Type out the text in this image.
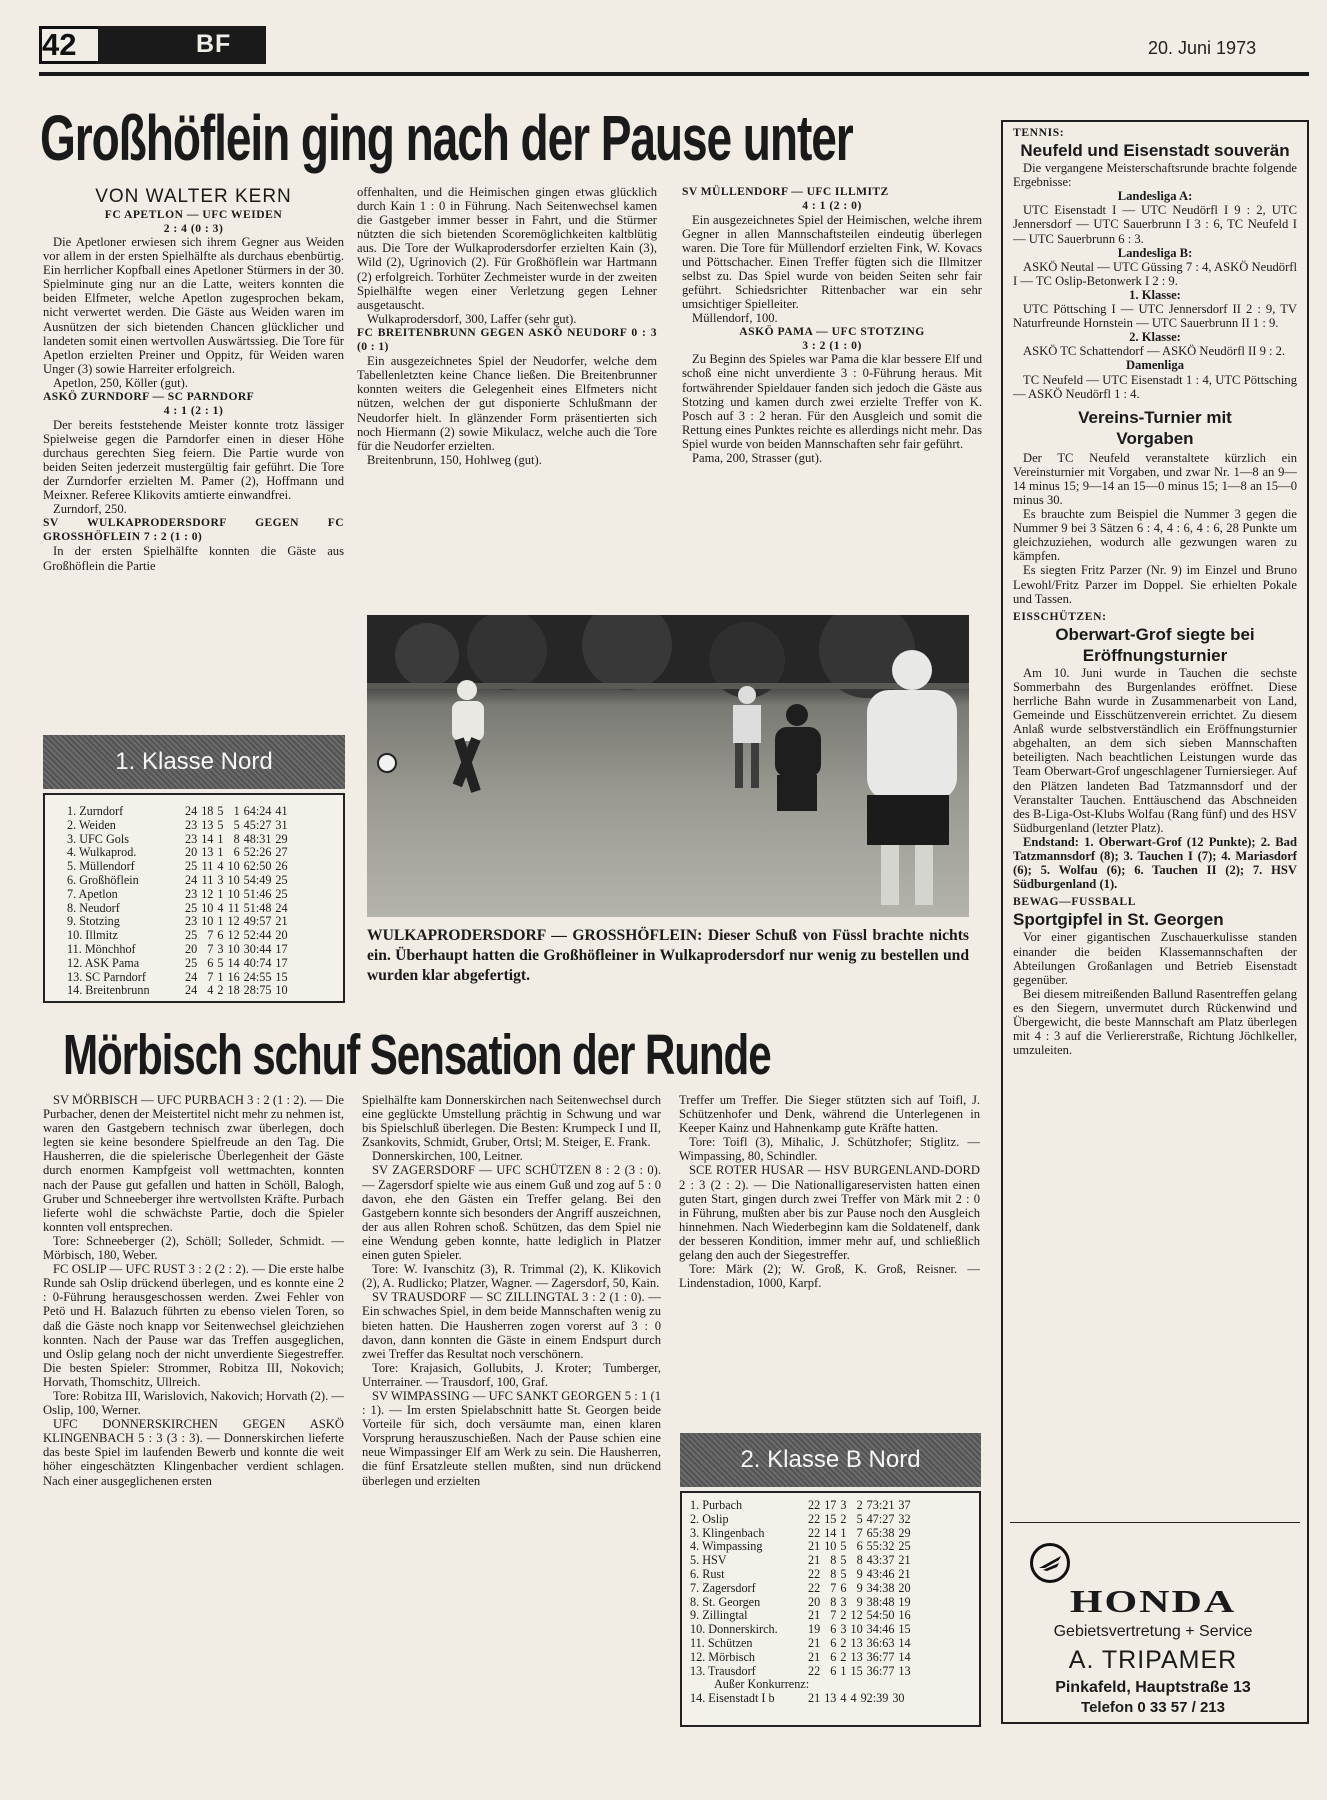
42	BF	20. Juni 1973
Großhöflein ging nach der Pause unter
VON WALTER KERN
FC APETLON — UFC WEIDEN
2 : 4 (0 : 3)

Die Apetloner erwiesen sich ihrem Gegner aus Weiden vor allem in der ersten Spielhälfte als durchaus ebenbürtig. Ein herrlicher Kopfball eines Apetloner Stürmers in der 30. Spielminute ging nur an die Latte, weiters konnten die beiden Elfmeter, welche Apetlon zugesprochen bekam, nicht verwertet werden. Die Gäste aus Weiden waren im Ausnützen der sich bietenden Chancen glücklicher und landeten somit einen wertvollen Auswärtssieg. Die Tore für Apetlon erzielten Preiner und Oppitz, für Weiden waren Unger (3) sowie Harreiter erfolgreich.

Apetlon, 250, Köller (gut).

ASKÖ ZURNDORF — SC PARNDORF
4 : 1 (2 : 1)

Der bereits feststehende Meister konnte trotz lässiger Spielweise gegen die Parndorfer einen in dieser Höhe durchaus gerechten Sieg feiern. Die Partie wurde von beiden Seiten jederzeit mustergültig fair geführt. Die Tore der Zurndorfer erzielten M. Pamer (2), Hoffmann und Meixner. Referee Klikovits amtierte einwandfrei.

Zurndorf, 250.

SV WULKAPRODERSDORF GEGEN FC GROSSHÖFLEIN 7 : 2 (1 : 0)

In der ersten Spielhälfte konnten die Gäste aus Großhöflein die Partie

offenhalten, und die Heimischen gingen etwas glücklich durch Kain 1 : 0 in Führung. Nach Seitenwechsel kamen die Gastgeber immer besser in Fahrt, und die Stürmer nützten die sich bietenden Scoremöglichkeiten kaltblütig aus. Die Tore der Wulkaprodersdorfer erzielten Kain (3), Wild (2), Ugrinovich (2). Für Großhöflein war Hartmann (2) erfolgreich. Torhüter Zechmeister wurde in der zweiten Spielhälfte wegen einer Verletzung gegen Lehner ausgetauscht.

Wulkaprodersdorf, 300, Laffer (sehr gut).

FC BREITENBRUNN GEGEN ASKÖ NEUDORF 0 : 3 (0 : 1)

Ein ausgezeichnetes Spiel der Neudorfer, welche dem Tabellenletzten keine Chance ließen. Die Breitenbrunner konnten weiters die Gelegenheit eines Elfmeters nicht nützen, welchen der gut disponierte Schlußmann der Neudorfer hielt. In glänzender Form präsentierten sich noch Hiermann (2) sowie Mikulacz, welche auch die Tore für die Neudorfer erzielten.

Breitenbrunn, 150, Hohlweg (gut).

SV MÜLLENDORF — UFC ILLMITZ
4 : 1 (2 : 0)

Ein ausgezeichnetes Spiel der Heimischen, welche ihrem Gegner in allen Mannschaftsteilen eindeutig überlegen waren. Die Tore für Müllendorf erzielten Fink, W. Kovacs und Pöttschacher. Einen Treffer fügten sich die Illmitzer selbst zu. Das Spiel wurde von beiden Seiten sehr fair geführt. Schiedsrichter Rittenbacher war ein sehr umsichtiger Spielleiter.

Müllendorf, 100.

ASKÖ PAMA — UFC STOTZING
3 : 2 (1 : 0)

Zu Beginn des Spieles war Pama die klar bessere Elf und schoß eine nicht unverdiente 3 : 0-Führung heraus. Mit fortwährender Spieldauer fanden sich jedoch die Gäste aus Stotzing und kamen durch zwei erzielte Treffer von K. Posch auf 3 : 2 heran. Für den Ausgleich und somit die Rettung eines Punktes reichte es allerdings nicht mehr. Das Spiel wurde von beiden Mannschaften sehr fair geführt.

Pama, 200, Strasser (gut).

WULKAPRODERSDORF — GROSSHÖFLEIN: Dieser Schuß von Füssl brachte nichts ein. Überhaupt hatten die Großhöfleiner in Wulkaprodersdorf nur wenig zu bestellen und wurden klar abgefertigt.
1. Klasse Nord
1. Zurndorf	24	18	5	1	64:24	41
2. Weiden	23	13	5	5	45:27	31
3. UFC Gols	23	14	1	8	48:31	29
4. Wulkaprod.	20	13	1	6	52:26	27
5. Müllendorf	25	11	4	10	62:50	26
6. Großhöflein	24	11	3	10	54:49	25
7. Apetlon	23	12	1	10	51:46	25
8. Neudorf	25	10	4	11	51:48	24
9. Stotzing	23	10	1	12	49:57	21
10. Illmitz	25	7	6	12	52:44	20
11. Mönchhof	20	7	3	10	30:44	17
12. ASK Pama	25	6	5	14	40:74	17
13. SC Parndorf	24	7	1	16	24:55	15
14. Breitenbrunn	24	4	2	18	28:75	10
Mörbisch schuf Sensation der Runde

SV MÖRBISCH — UFC PURBACH 3 : 2 (1 : 2). — Die Purbacher, denen der Meistertitel nicht mehr zu nehmen ist, waren den Gastgebern technisch zwar überlegen, doch legten sie keine besondere Spielfreude an den Tag. Die Hausherren, die die spielerische Überlegenheit der Gäste durch enormen Kampfgeist voll wettmachten, konnten nach der Pause gut gefallen und hatten in Schöll, Balogh, Gruber und Schneeberger ihre wertvollsten Kräfte. Purbach lieferte wohl die schwächste Partie, doch die Spieler konnten voll entsprechen.

Tore: Schneeberger (2), Schöll; Solleder, Schmidt. — Mörbisch, 180, Weber.

FC OSLIP — UFC RUST 3 : 2 (2 : 2). — Die erste halbe Runde sah Oslip drückend überlegen, und es konnte eine 2 : 0-Führung herausgeschossen werden. Zwei Fehler von Petö und H. Balazuch führten zu ebenso vielen Toren, so daß die Gäste noch knapp vor Seitenwechsel gleichziehen konnten. Nach der Pause war das Treffen ausgeglichen, und Oslip gelang noch der nicht unverdiente Siegestreffer. Die besten Spieler: Strommer, Robitza III, Nokovich; Horvath, Thomschitz, Ullreich.

Tore: Robitza III, Warislovich, Nakovich; Horvath (2). — Oslip, 100, Werner.

UFC DONNERSKIRCHEN GEGEN ASKÖ KLINGENBACH 5 : 3 (3 : 3). — Donnerskirchen lieferte das beste Spiel im laufenden Bewerb und konnte die weit höher eingeschätzten Klingenbacher verdient schlagen. Nach einer ausgeglichenen ersten

Spielhälfte kam Donnerskirchen nach Seitenwechsel durch eine geglückte Umstellung prächtig in Schwung und war bis Spielschluß überlegen. Die Besten: Krumpeck I und II, Zsankovits, Schmidt, Gruber, Ortsl; M. Steiger, E. Frank.

Donnerskirchen, 100, Leitner.

SV ZAGERSDORF — UFC SCHÜTZEN 8 : 2 (3 : 0). — Zagersdorf spielte wie aus einem Guß und zog auf 5 : 0 davon, ehe den Gästen ein Treffer gelang. Bei den Gastgebern konnte sich besonders der Angriff auszeichnen, der aus allen Rohren schoß. Schützen, das dem Spiel nie eine Wendung geben konnte, hatte lediglich in Platzer einen guten Spieler.

Tore: W. Ivanschitz (3), R. Trimmal (2), K. Klikovich (2), A. Rudlicko; Platzer, Wagner. — Zagersdorf, 50, Kain.

SV TRAUSDORF — SC ZILLINGTAL 3 : 2 (1 : 0). — Ein schwaches Spiel, in dem beide Mannschaften wenig zu bieten hatten. Die Hausherren zogen vorerst auf 3 : 0 davon, dann konnten die Gäste in einem Endspurt durch zwei Treffer das Resultat noch verschönern.

Tore: Krajasich, Gollubits, J. Kroter; Tumberger, Unterrainer. — Trausdorf, 100, Graf.

SV WIMPASSING — UFC SANKT GEORGEN 5 : 1 (1 : 1). — Im ersten Spielabschnitt hatte St. Georgen beide Vorteile für sich, doch versäumte man, einen klaren Vorsprung herauszuschießen. Nach der Pause schien eine neue Wimpassinger Elf am Werk zu sein. Die Hausherren, die fünf Ersatzleute stellen mußten, sind nun drückend überlegen und erzielten

Treffer um Treffer. Die Sieger stützten sich auf Toifl, J. Schützenhofer und Denk, während die Unterlegenen in Keeper Kainz und Hahnenkamp gute Kräfte hatten.

Tore: Toifl (3), Mihalic, J. Schützhofer; Stiglitz. — Wimpassing, 80, Schindler.

SCE ROTER HUSAR — HSV BURGENLAND-DORD 2 : 3 (2 : 2). — Die Nationalligareservisten hatten einen guten Start, gingen durch zwei Treffer von Märk mit 2 : 0 in Führung, mußten aber bis zur Pause noch den Ausgleich hinnehmen. Nach Wiederbeginn kam die Soldatenelf, dank der besseren Kondition, immer mehr auf, und schließlich gelang den auch der Siegestreffer.

Tore: Märk (2); W. Groß, K. Groß, Reisner. — Lindenstadion, 1000, Karpf.

2. Klasse B Nord
1. Purbach	22	17	3	2	73:21	37
2. Oslip	22	15	2	5	47:27	32
3. Klingenbach	22	14	1	7	65:38	29
4. Wimpassing	21	10	5	6	55:32	25
5. HSV	21	8	5	8	43:37	21
6. Rust	22	8	5	9	43:46	21
7. Zagersdorf	22	7	6	9	34:38	20
8. St. Georgen	20	8	3	9	38:48	19
9. Zillingtal	21	7	2	12	54:50	16
10. Donnerskirch.	19	6	3	10	34:46	15
11. Schützen	21	6	2	13	36:63	14
12. Mörbisch	21	6	2	13	36:77	14
13. Trausdorf	22	6	1	15	36:77	13
Außer Konkurrenz:
14. Eisenstadt I b	21	13	4	4	92:39	30
TENNIS:
Neufeld und Eisenstadt souverän

Die vergangene Meisterschaftsrunde brachte folgende Ergebnisse:

Landesliga A:

UTC Eisenstadt I — UTC Neudörfl I 9 : 2, UTC Jennersdorf — UTC Sauerbrunn I 3 : 6, TC Neufeld I — UTC Sauerbrunn 6 : 3.

Landesliga B:

ASKÖ Neutal — UTC Güssing 7 : 4, ASKÖ Neudörfl I — TC Oslip-Betonwerk I 2 : 9.

1. Klasse:

UTC Pöttsching I — UTC Jennersdorf II 2 : 9, TV Naturfreunde Hornstein — UTC Sauerbrunn II 1 : 9.

2. Klasse:

ASKÖ TC Schattendorf — ASKÖ Neudörfl II 9 : 2.

Damenliga

TC Neufeld — UTC Eisenstadt 1 : 4, UTC Pöttsching — ASKÖ Neudörfl 1 : 4.

Vereins-Turnier mit Vorgaben

Der TC Neufeld veranstaltete kürzlich ein Vereinsturnier mit Vorgaben, und zwar Nr. 1—8 an 9—14 minus 15; 9—14 an 15—0 minus 15; 1—8 an 15—0 minus 30.

Es brauchte zum Beispiel die Nummer 3 gegen die Nummer 9 bei 3 Sätzen 6 : 4, 4 : 6, 4 : 6, 28 Punkte um gleichzuziehen, wodurch alle gezwungen waren zu kämpfen.

Es siegten Fritz Parzer (Nr. 9) im Einzel und Bruno Lewohl/Fritz Parzer im Doppel. Sie erhielten Pokale und Tassen.

EISSCHÜTZEN:
Oberwart-Grof siegte bei Eröffnungsturnier

Am 10. Juni wurde in Tauchen die sechste Sommerbahn des Burgenlandes eröffnet. Diese herrliche Bahn wurde in Zusammenarbeit von Land, Gemeinde und Eisschützenverein errichtet. Zu diesem Anlaß wurde selbstverständlich ein Eröffnungsturnier abgehalten, an dem sich sieben Mannschaften beteiligten. Nach beachtlichen Leistungen wurde das Team Oberwart-Grof ungeschlagener Turniersieger. Auf den Plätzen landeten Bad Tatzmannsdorf und der Veranstalter Tauchen. Enttäuschend das Abschneiden des B-Liga-Ost-Klubs Wolfau (Rang fünf) und des HSV Südburgenland (letzter Platz).

Endstand: 1. Oberwart-Grof (12 Punkte); 2. Bad Tatzmannsdorf (8); 3. Tauchen I (7); 4. Mariasdorf (6); 5. Wolfau (6); 6. Tauchen II (2); 7. HSV Südburgenland (1).

BEWAG—FUSSBALL
Sportgipfel in St. Georgen

Vor einer gigantischen Zuschauerkulisse standen einander die beiden Klassemannschaften der Abteilungen Großanlagen und Betrieb Eisenstadt gegenüber.

Bei diesem mitreißenden Ballund Rasentreffen gelang es den Siegern, unvermutet durch Rückenwind und Übergewicht, die beste Mannschaft am Platz überlegen mit 4 : 3 auf die Verliererstraße, Richtung Jöchlkeller, umzuleiten.

HONDA
Gebietsvertretung + Service
A. TRIPAMER
Pinkafeld, Hauptstraße 13
Telefon 0 33 57 / 213
